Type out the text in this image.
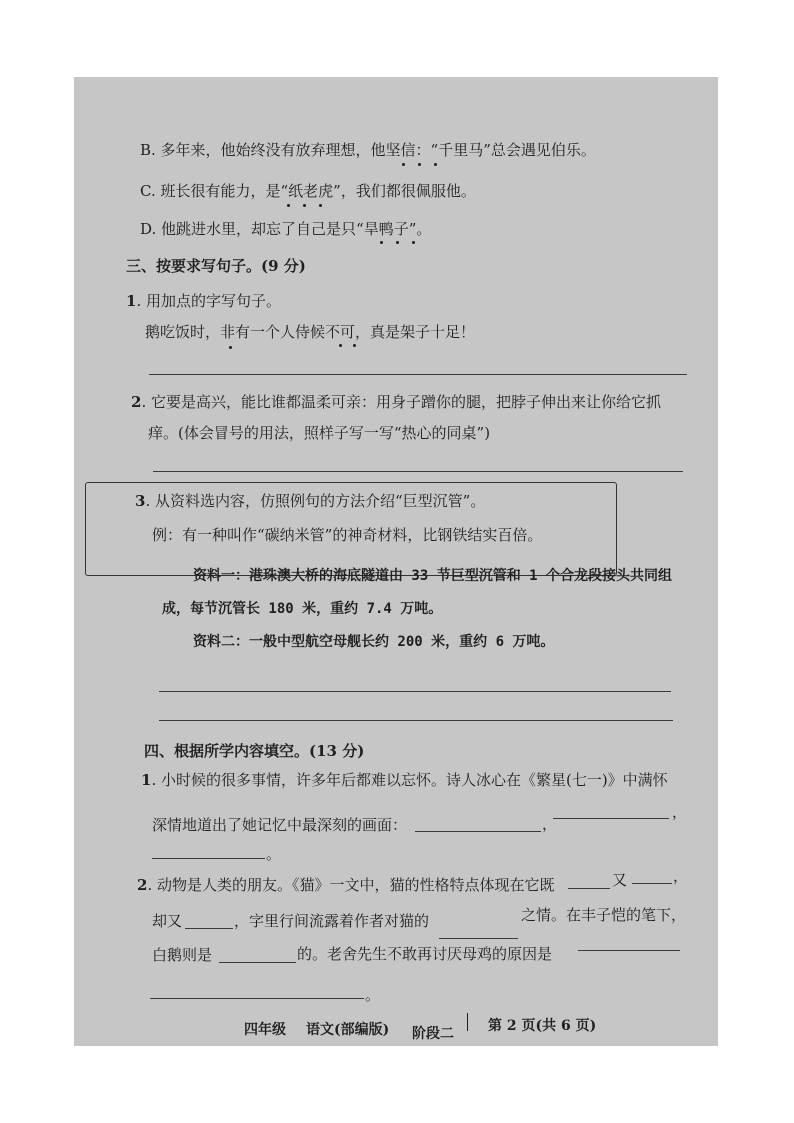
B. 多年来，他始终没有放弃理想，他坚信：“千里马”总会遇见伯乐。
C. 班长很有能力，是“纸老虎”，我们都很佩服他。
D. 他跳进水里，却忘了自己是只“旱鸭子”。
三、按要求写句子。(9 分)
1. 用加点的字写句子。
鹅吃饭时，非有一个人侍候不可，真是架子十足！
2. 它要是高兴，能比谁都温柔可亲：用身子蹭你的腿，把脖子伸出来让你给它抓
痒。(体会冒号的用法，照样子写一写“热心的同桌”)
3. 从资料选内容，仿照例句的方法介绍“巨型沉管”。
例：有一种叫作“碳纳米管”的神奇材料，比钢铁结实百倍。
资料一：港珠澳大桥的海底隧道由 33 节巨型沉管和 1 个合龙段接头共同组
成，每节沉管长 180 米，重约 7.4 万吨。
资料二：一般中型航空母舰长约 200 米，重约 6 万吨。
四、根据所学内容填空。(13 分)
1. 小时候的很多事情，许多年后都难以忘怀。诗人冰心在《繁星(七一)》中满怀
深情地道出了她记忆中最深刻的画面：	，
，
。
2. 动物是人类的朋友。《猫》一文中，猫的性格特点体现在它既	又	，
却又	，字里行间流露着作者对猫的	之情。在丰子恺的笔下，
白鹅则是	的。老舍先生不敢再讨厌母鸡的原因是
。
四年级 语文(部编版) 阶段二 第 2 页(共 6 页)
